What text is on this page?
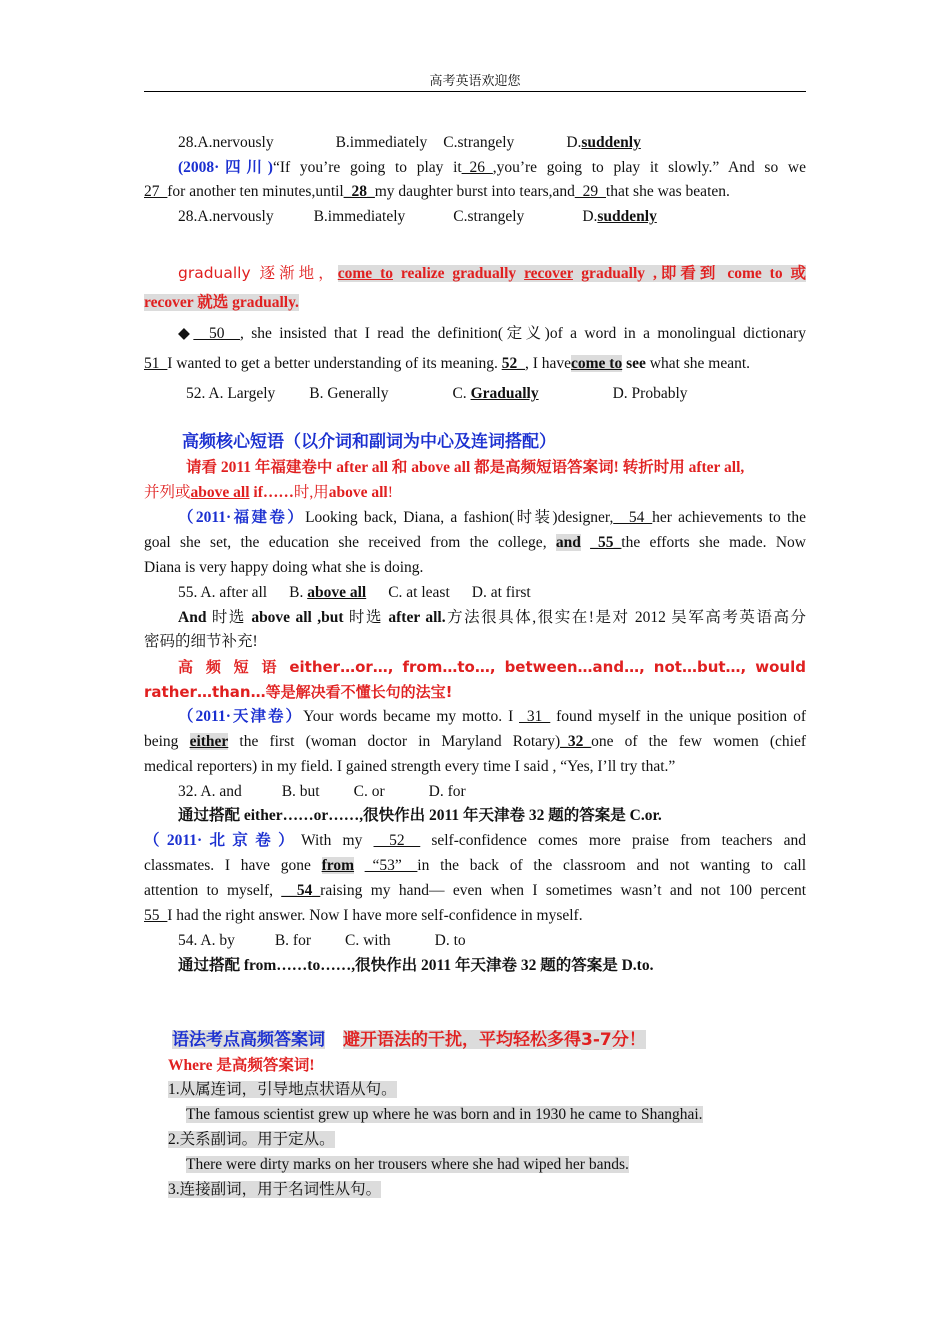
高考英语欢迎您
28.A.nervously	B.immediately C.strangely	D.suddenly
(2008·四川)“If you’re going to play it_26_,you’re going to play it slowly.” And so we
27_for another ten minutes,until_28_my daughter burst into tears,and_29_that she was beaten.
28.A.nervously	B.immediately	C.strangely	D.suddenly
gradually 逐渐地，come to realize gradually recover gradually ,即看到 come to 或
recover 就选 gradually.
◆__50__, she insisted that I read the definition(定义)of a word in a monolingual dictionary
51_I wanted to get a better understanding of its meaning. 52_, I havecome to see what she meant.
52. A. Largely B. Generally	C. Gradually	D. Probably
高频核心短语（以介词和副词为中心及连词搭配）
请看 2011 年福建卷中 after all 和 above all 都是高频短语答案词! 转折时用 after all,
并列或above all if……时,用above all!
（2011·福建卷）Looking back, Diana, a fashion(时装)designer,__54_her achievements to the
goal she set, the education she received from the college, and _55_the efforts she made. Now
Diana is very happy doing what she is doing.
55. A. after all B. above all C. at least D. at first
And 时选 above all ,but 时选 after all.方法很具体,很实在!是对 2012 吴军高考英语高分
密码的细节补充!
高 频 短 语 either…or…, from…to…, between…and…, not…but…, would
rather…than…等是解决看不懂长句的法宝!
（2011·天津卷）Your words became my motto. I _31_ found myself in the unique position of
being either the first (woman doctor in Maryland Rotary)_32_one of the few women (chief
medical reporters) in my field. I gained strength every time I said , “Yes, I’ll try that.”
32. A. and	B. but C. or	D. for
通过搭配 either……or……,很快作出 2011 年天津卷 32 题的答案是 C.or.
（2011·北京卷）With my __52__ self-confidence comes more praise from teachers and
classmates. I have gone from _“53”__in the back of the classroom and not wanting to call
attention to myself, __54_raising my hand— even when I sometimes wasn’t and not 100 percent
55_I had the right answer. Now I have more self-confidence in myself.
54. A. by	B. for C. with	D. to
通过搭配 from……to……,很快作出 2011 年天津卷 32 题的答案是 D.to.
语法考点高频答案词 避开语法的干扰，平均轻松多得3-7分！
Where 是高频答案词!
1.从属连词，引导地点状语从句。
The famous scientist grew up where he was born and in 1930 he came to Shanghai.
2.关系副词。用于定从。
There were dirty marks on her trousers where she had wiped her bands.
3.连接副词，用于名词性从句。
